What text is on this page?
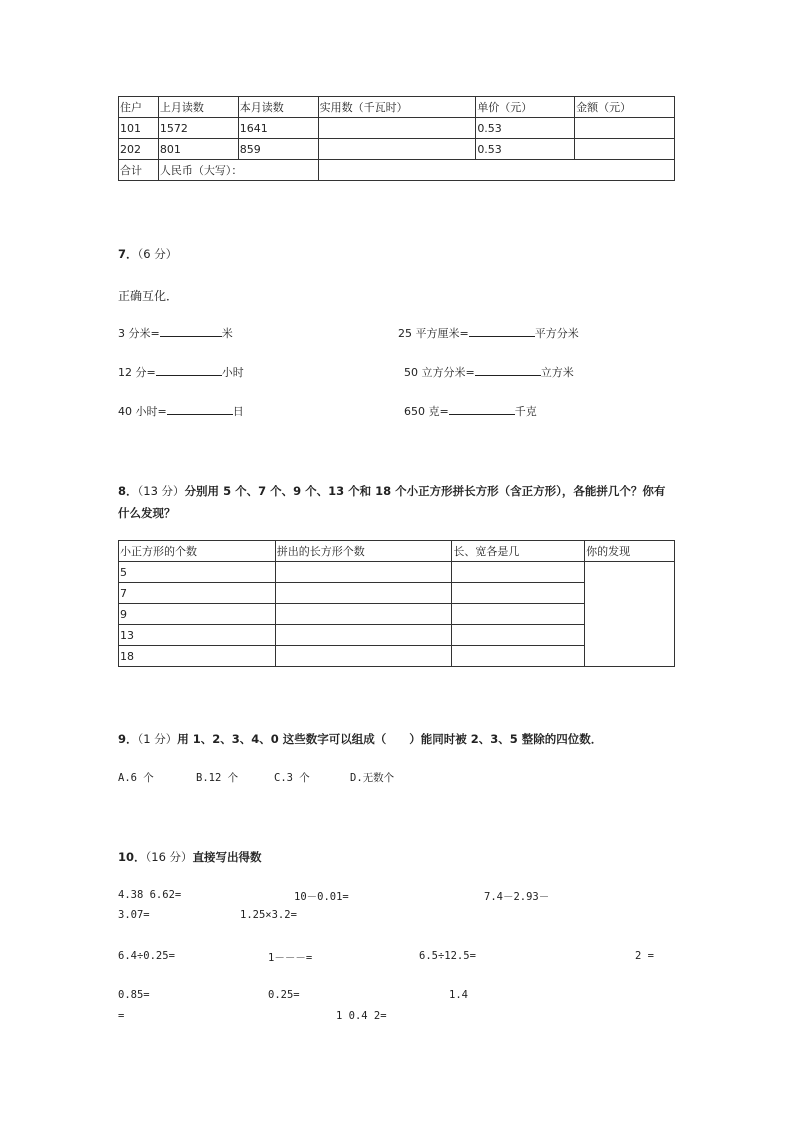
住户	上月读数	本月读数	实用数（千瓦时）	单价（元）	金额（元）
101	1572	1641		0.53	
202	801	859		0.53	
合计	人民币（大写）：				
7．（6 分）
正确互化．
3 分米=	米	25 平方厘米=	平方分米
12 分=	小时	50 立方分米=	立方米
40 小时=	日	650 克=	千克
8．（13 分）分别用 5 个、7 个、9 个、13 个和 18 个小正方形拼长方形（含正方形），各能拼几个？你有
什么发现？
小正方形的个数	拼出的长方形个数	长、宽各是几	你的发现
5			
7			
9			
13			
18			
9．（1 分）用 1、2、3、4、0 这些数字可以组成（　　）能同时被 2、3、5 整除的四位数．
A.6 个	B.12 个	C.3 个	D.无数个
10．（16 分）直接写出得数
4.38 6.62=	10－0.01=	7.4－2.93－
3.07=	1.25×3.2=
6.4÷0.25=	1－－－=	6.5÷12.5=	2 =
0.85=	0.25=	1.4
=	1 0.4 2=
